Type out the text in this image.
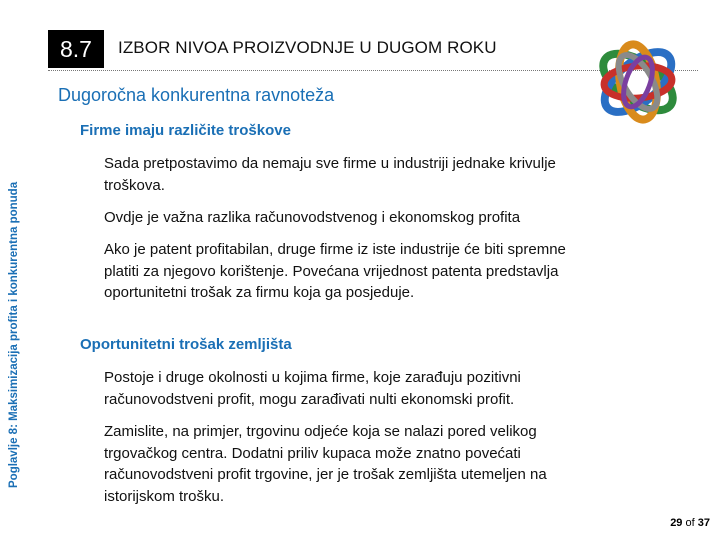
8.7	IZBOR NIVOA PROIZVODNJE U DUGOM ROKU
Dugoročna konkurentna ravnoteža
Poglavlje 8: Maksimizacija profita i konkurentna ponuda
Firme imaju različite troškove
Sada pretpostavimo da nemaju sve firme u industriji jednake krivulje troškova.
Ovdje je važna razlika računovodstvenog i ekonomskog profita
Ako je patent profitabilan, druge firme iz iste industrije će biti spremne platiti za njegovo korištenje. Povećana vrijednost patenta predstavlja oportunitetni trošak za firmu koja ga posjeduje.
Oportunitetni trošak zemljišta
Postoje i druge okolnosti u kojima firme, koje zarađuju pozitivni računovodstveni profit, mogu zarađivati nulti ekonomski profit.
Zamislite, na primjer, trgovinu odjeće koja se nalazi pored velikog trgovačkog centra. Dodatni priliv kupaca može znatno povećati računovodstveni profit trgovine, jer je trošak zemljišta utemeljen na istorijskom trošku.
29 of 37
